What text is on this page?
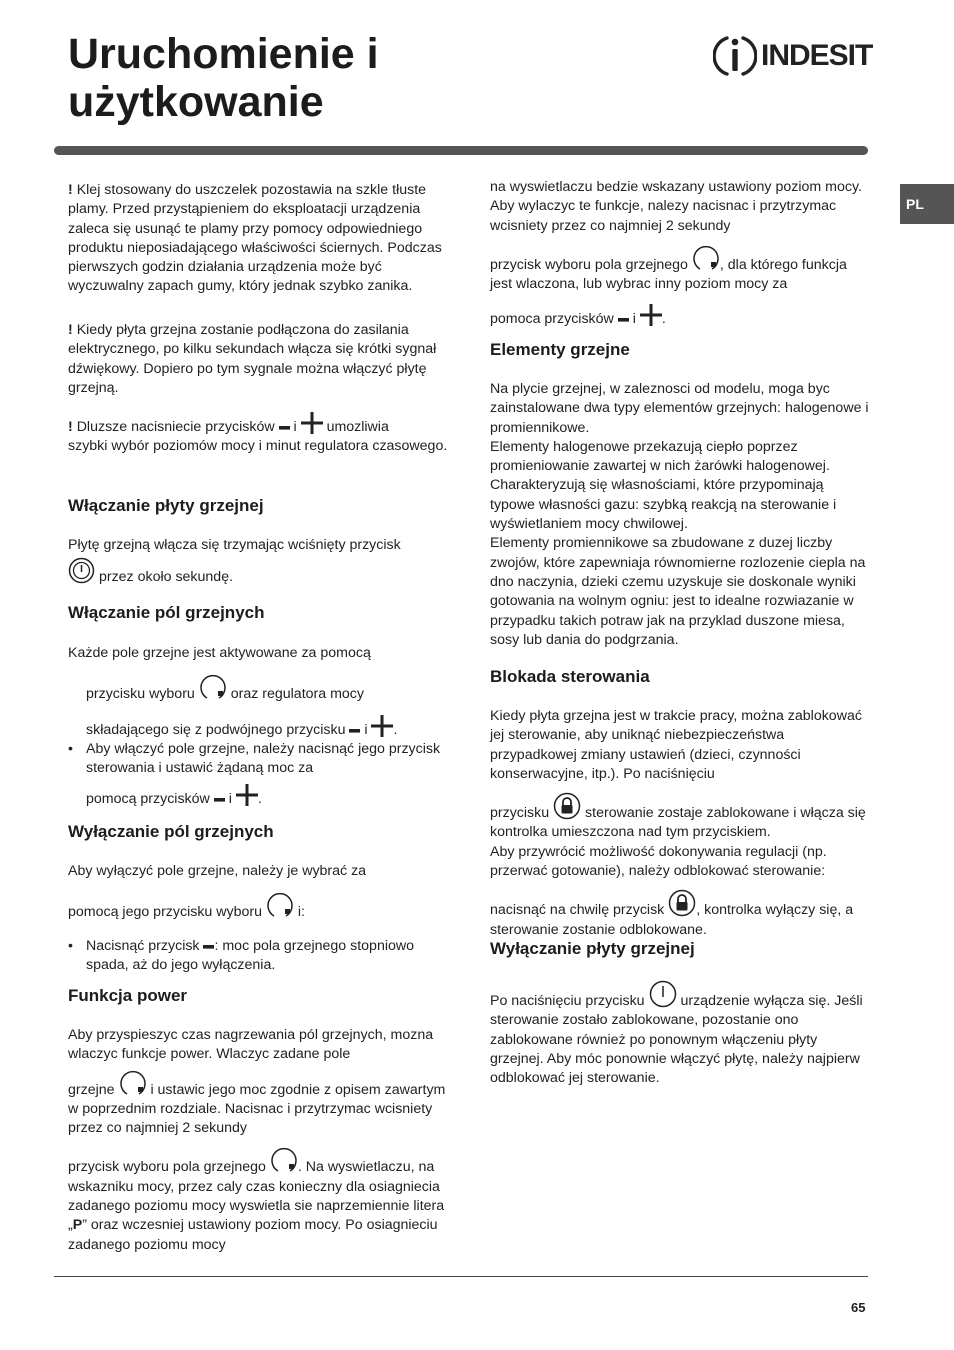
Uruchomienie i
użytkowanie
INDESIT
PL

! Klej stosowany do uszczelek pozostawia na szkle tłuste plamy. Przed przystąpieniem do eksploatacji urządzenia zaleca się usunąć te plamy przy pomocy odpowiedniego produktu nieposiadającego właściwości ściernych. Podczas pierwszych godzin działania urządzenia może być wyczuwalny zapach gumy, który jednak szybko zanika.

! Kiedy płyta grzejna zostanie podłączona do zasilania elektrycznego, po kilku sekundach włącza się krótki sygnał dźwiękowy. Dopiero po tym sygnale można włączyć płytę grzejną.

! Dluzsze nacisniecie przycisków i umozliwia

szybki wybór poziomów mocy i minut regulatora czasowego.

Włączanie płyty grzejnej

Płytę grzejną włącza się trzymając wciśnięty przycisk

przez około sekundę.

Włączanie pól grzejnych

Każde pole grzejne jest aktywowane za pomocą

przycisku wyboru	oraz regulatora mocy

składającego się z podwójnego przycisku i .

• Aby włączyć pole grzejne, należy nacisnąć jego przycisk sterowania i ustawić żądaną moc za

pomocą przycisków i .

Wyłączanie pól grzejnych

Aby wyłączyć pole grzejne, należy je wybrać za

pomocą jego przycisku wyboru	i:

• Nacisnąć przycisk : moc pola grzejnego stopniowo spada, aż do jego wyłączenia.

Funkcja power

Aby przyspieszyc czas nagrzewania pól grzejnych, mozna wlaczyc funkcje power. Wlaczyc zadane pole

grzejne	i ustawic jego moc zgodnie z opisem zawartym w poprzednim rozdziale. Nacisnac i przytrzymac wcisniety przez co najmniej 2 sekundy

przycisk wyboru pola grzejnego . Na wyswietlaczu, na wskazniku mocy, przez caly czas konieczny dla osiagniecia zadanego poziomu mocy wyswietla sie naprzemiennie litera „P” oraz wczesniej ustawiony poziom mocy. Po osiagnieciu zadanego poziomu mocy

na wyswietlaczu bedzie wskazany ustawiony poziom mocy. Aby wylaczyc te funkcje, nalezy nacisnac i przytrzymac wcisniety przez co najmniej 2 sekundy

przycisk wyboru pola grzejnego , dla którego funkcja jest wlaczona, lub wybrac inny poziom mocy za

pomoca przycisków i .

Elementy grzejne

Na plycie grzejnej, w zaleznosci od modelu, moga byc zainstalowane dwa typy elementów grzejnych: halogenowe i promiennikowe.

Elementy halogenowe przekazują ciepło poprzez promieniowanie zawartej w nich żarówki halogenowej. Charakteryzują się własnościami, które przypominają typowe własności gazu: szybką reakcją na sterowanie i wyświetlaniem mocy chwilowej.

Elementy promiennikowe sa zbudowane z duzej liczby zwojów, które zapewniaja równomierne rozlozenie ciepla na dno naczynia, dzieki czemu uzyskuje sie doskonale wyniki gotowania na wolnym ogniu: jest to idealne rozwiazanie w przypadku takich potraw jak na przyklad duszone miesa, sosy lub dania do podgrzania.

Blokada sterowania

Kiedy płyta grzejna jest w trakcie pracy, można zablokować jej sterowanie, aby uniknąć niebezpieczeństwa przypadkowej zmiany ustawień (dzieci, czynności konserwacyjne, itp.). Po naciśnięciu

przycisku	sterowanie zostaje zablokowane i włącza się kontrolka umieszczona nad tym przyciskiem.

Aby przywrócić możliwość dokonywania regulacji (np. przerwać gotowanie), należy odblokować sterowanie:

nacisnąć na chwilę przycisk , kontrolka wyłączy się, a sterowanie zostanie odblokowane.

Wyłączanie płyty grzejnej

Po naciśnięciu przycisku	urządzenie wyłącza się. Jeśli sterowanie zostało zablokowane, pozostanie ono zablokowane również po ponownym włączeniu płyty grzejnej. Aby móc ponownie włączyć płytę, należy najpierw odblokować jej sterowanie.

65
